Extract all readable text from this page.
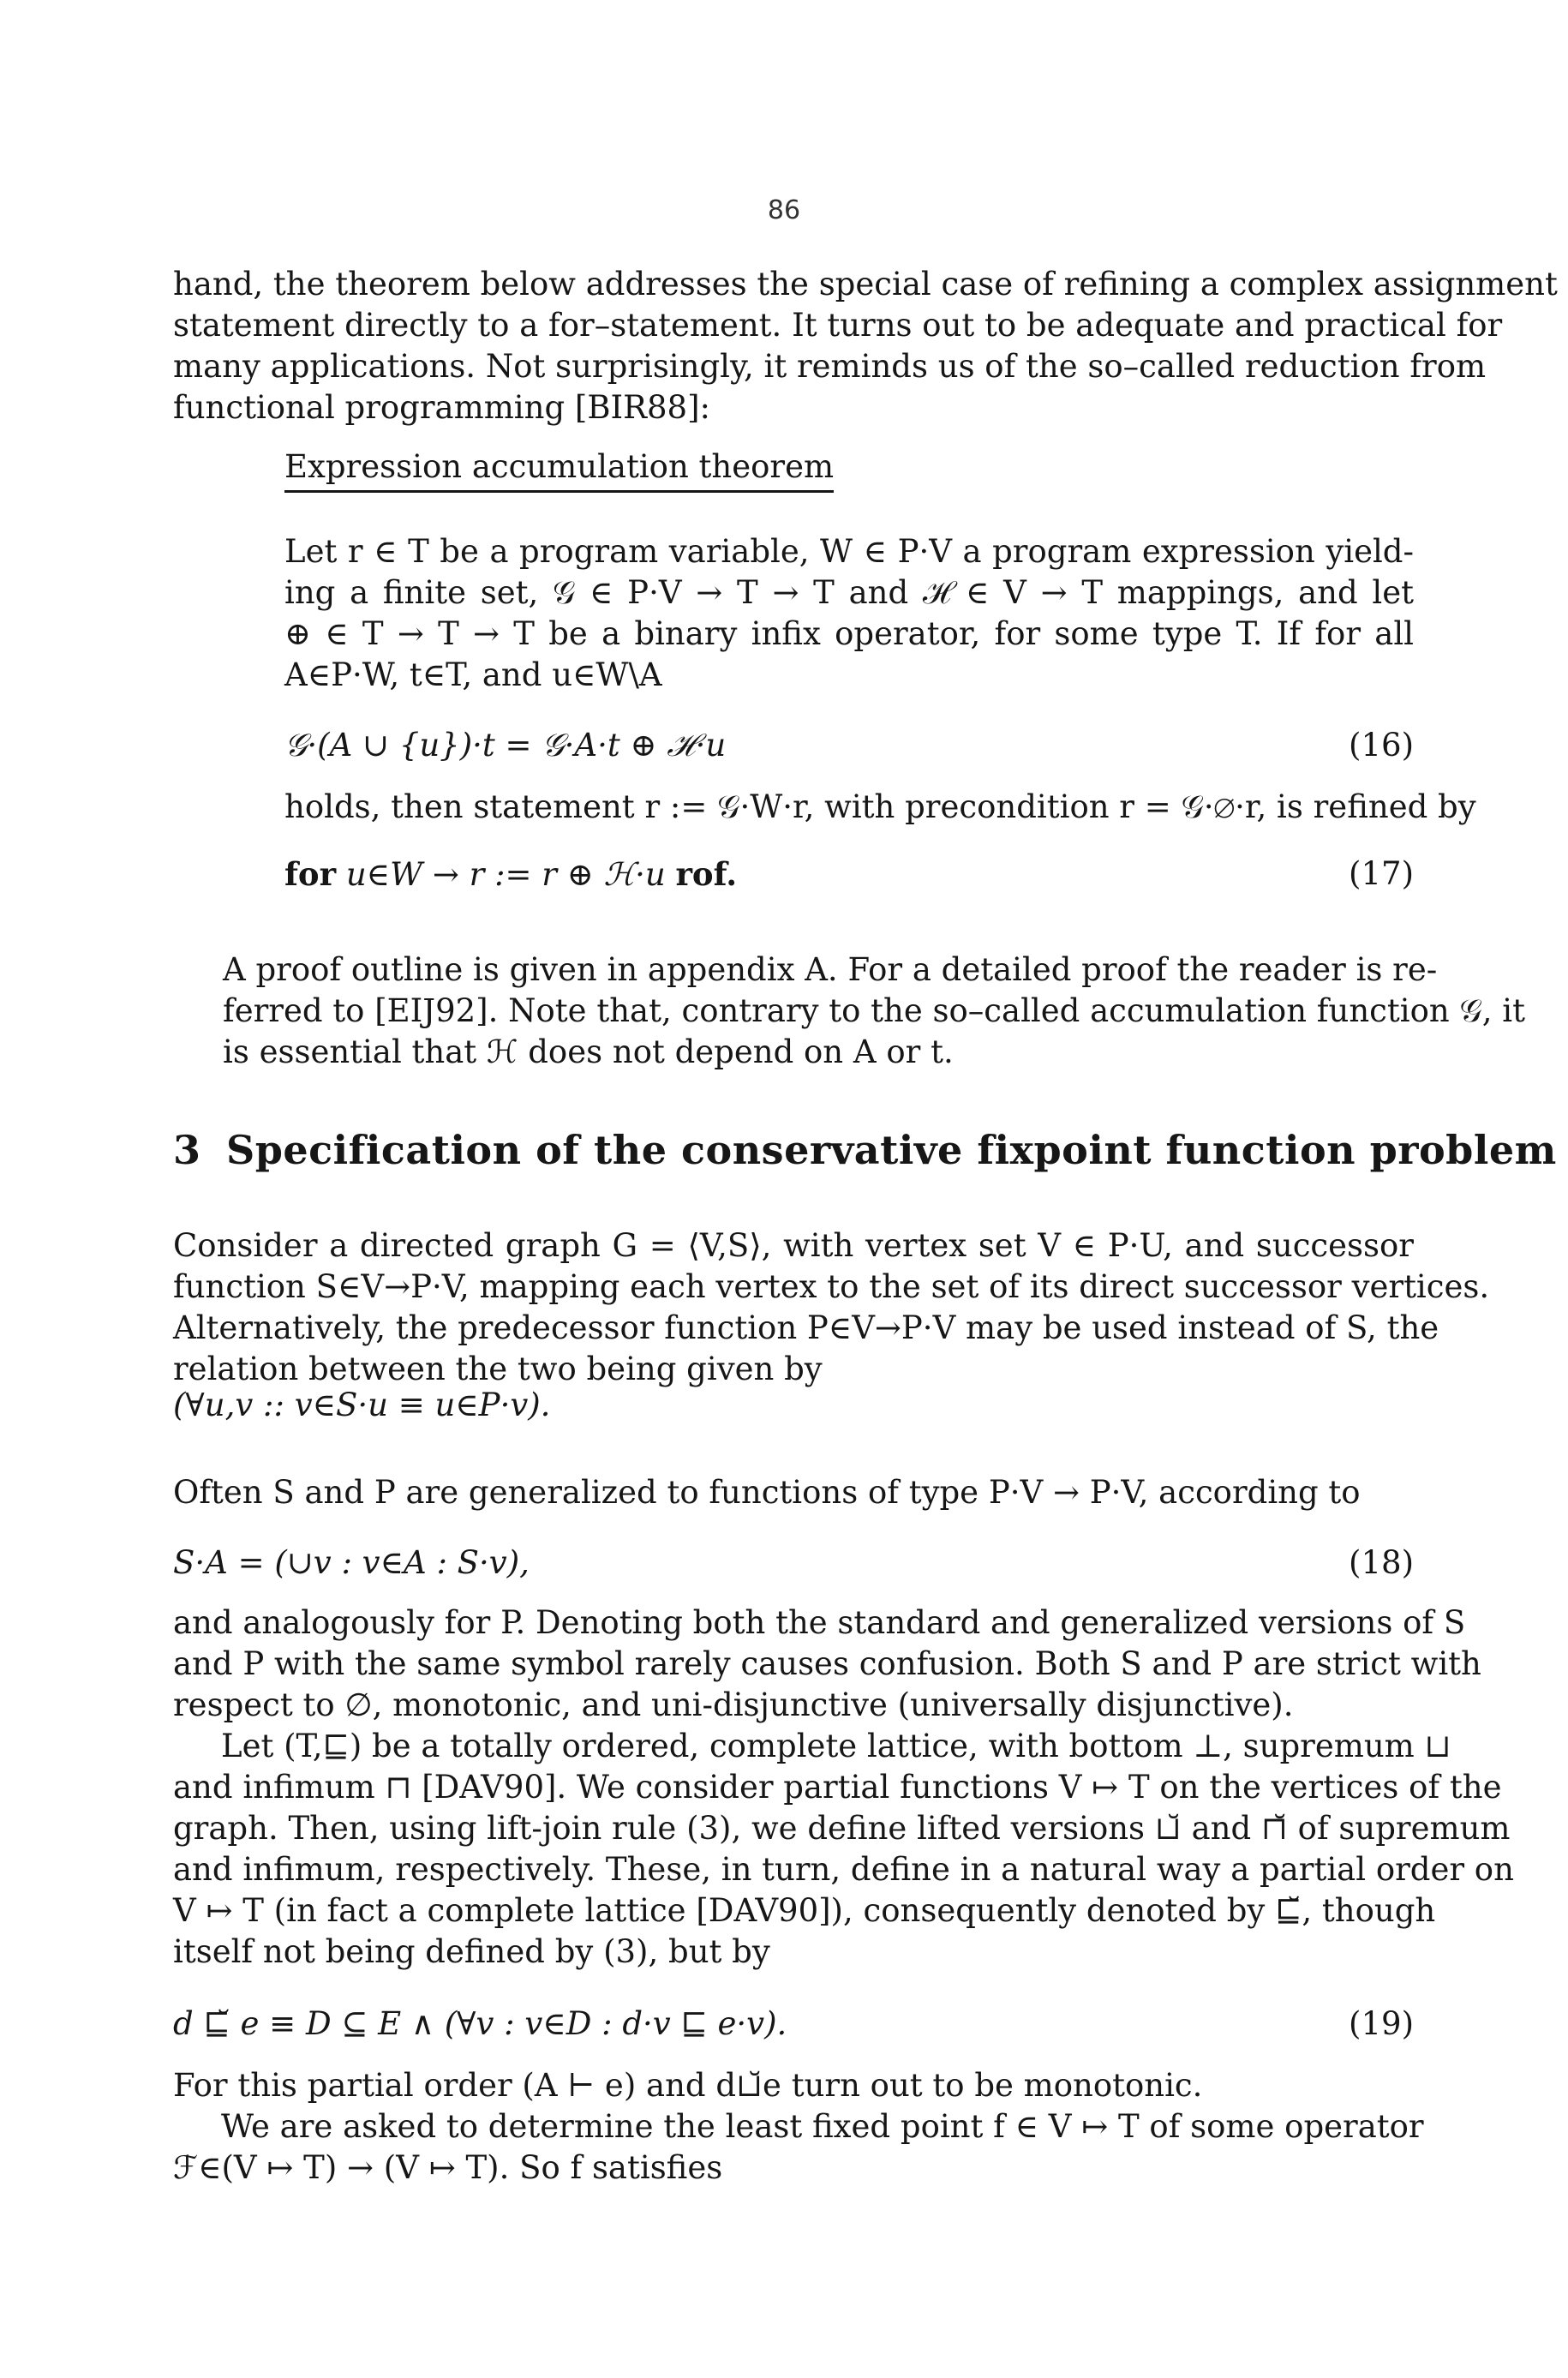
86

hand, the theorem below addresses the special case of refining a complex assignment
statement directly to a for–statement. It turns out to be adequate and practical for
many applications. Not surprisingly, it reminds us of the so–called reduction from
functional programming [BIR88]:

Expression accumulation theorem

Let r ∈ T be a program variable, W ∈ P·V a program expression yield-
ing a finite set, 𝒢 ∈ P·V → T → T and ℋ ∈ V → T mappings, and let
⊕ ∈ T → T → T be a binary infix operator, for some type T. If for all
A∈P·W, t∈T, and u∈W\A

𝒢·(A ∪ {u})·t = 𝒢·A·t ⊕ ℋ·u	(16)

holds, then statement r := 𝒢·W·r, with precondition r = 𝒢·∅·r, is refined by

for u∈W → r := r ⊕ ℋ·u rof.	(17)

A proof outline is given in appendix A. For a detailed proof the reader is re-
ferred to [EIJ92]. Note that, contrary to the so–called accumulation function 𝒢, it
is essential that ℋ does not depend on A or t.

3 Specification of the conservative fixpoint function problem

Consider a directed graph G = ⟨V,S⟩, with vertex set V ∈ P·U, and successor
function S∈V→P·V, mapping each vertex to the set of its direct successor vertices.
Alternatively, the predecessor function P∈V→P·V may be used instead of S, the
relation between the two being given by

(∀u,v :: v∈S·u ≡ u∈P·v).

Often S and P are generalized to functions of type P·V → P·V, according to

S·A = (∪v : v∈A : S·v),	(18)

and analogously for P. Denoting both the standard and generalized versions of S
and P with the same symbol rarely causes confusion. Both S and P are strict with
respect to ∅, monotonic, and uni-disjunctive (universally disjunctive).

Let (T,⊑) be a totally ordered, complete lattice, with bottom ⊥, supremum ⊔

and infimum ⊓ [DAV90]. We consider partial functions V ↦ T on the vertices of the
graph. Then, using lift-join rule (3), we define lifted versions ⊔̆ and ⊓̆ of supremum
and infimum, respectively. These, in turn, define in a natural way a partial order on
V ↦ T (in fact a complete lattice [DAV90]), consequently denoted by ⊑̆, though
itself not being defined by (3), but by

d ⊑̆ e ≡ D ⊆ E ∧ (∀v : v∈D : d·v ⊑ e·v).	(19)

For this partial order (A ⊢ e) and d⊔̆e turn out to be monotonic.

We are asked to determine the least fixed point f ∈ V ↦ T of some operator

ℱ∈(V ↦ T) → (V ↦ T). So f satisfies
